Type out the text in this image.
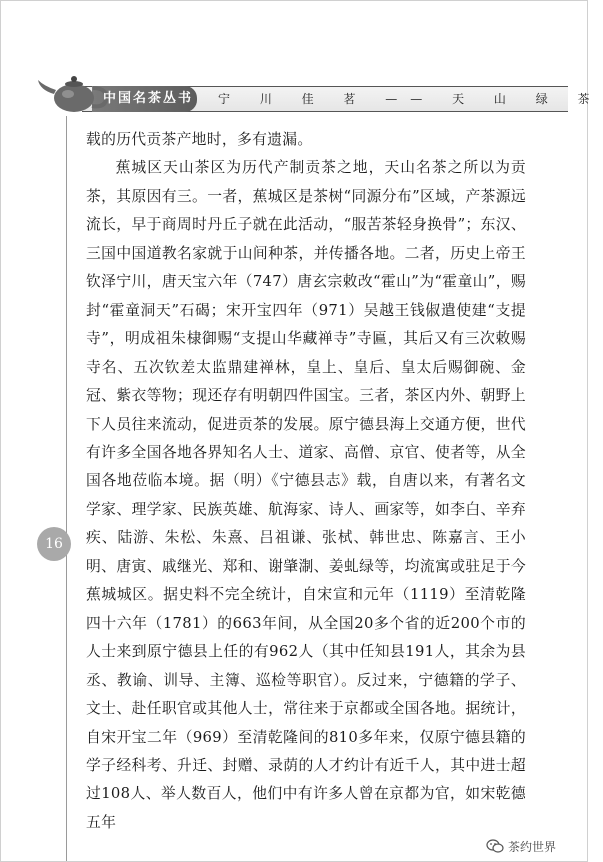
中国名茶丛书	宁 川 佳 茗 —— 天 山 绿 茶
16

载的历代贡茶产地时，多有遗漏。

蕉城区天山茶区为历代产制贡茶之地，天山名茶之所以为贡茶，其原因有三。一者，蕉城区是茶树“同源分布”区域，产茶源远流长，早于商周时丹丘子就在此活动，“服苦茶轻身换骨”；东汉、三国中国道教名家就于山间种茶，并传播各地。二者，历史上帝王钦泽宁川，唐天宝六年（747）唐玄宗敕改“霍山”为“霍童山”，赐封“霍童洞天”石碣；宋开宝四年（971）吴越王钱俶遣使建“支提寺”，明成祖朱棣御赐“支提山华藏禅寺”寺匾，其后又有三次敕赐寺名、五次钦差太监鼎建禅林，皇上、皇后、皇太后赐御碗、金冠、紫衣等物；现还存有明朝四件国宝。三者，茶区内外、朝野上下人员往来流动，促进贡茶的发展。原宁德县海上交通方便，世代有许多全国各地各界知名人士、道家、高僧、京官、使者等，从全国各地莅临本境。据（明）《宁德县志》载，自唐以来，有著名文学家、理学家、民族英雄、航海家、诗人、画家等，如李白、辛弃疾、陆游、朱松、朱熹、吕祖谦、张栻、韩世忠、陈嘉言、王小明、唐寅、戚继光、郑和、谢肇淛、姜虬绿等，均流寓或驻足于今蕉城城区。据史料不完全统计，自宋宣和元年（1119）至清乾隆四十六年（1781）的663年间，从全国20多个省的近200个市的人士来到原宁德县上任的有962人（其中任知县191人，其余为县丞、教谕、训导、主簿、巡检等职官）。反过来，宁德籍的学子、文士、赴任职官或其他人士，常往来于京都或全国各地。据统计，自宋开宝二年（969）至清乾隆间的810多年来，仅原宁德县籍的学子经科考、升迁、封赠、录荫的人才约计有近千人，其中进士超过108人、举人数百人，他们中有许多人曾在京都为官，如宋乾德五年

茶约世界
